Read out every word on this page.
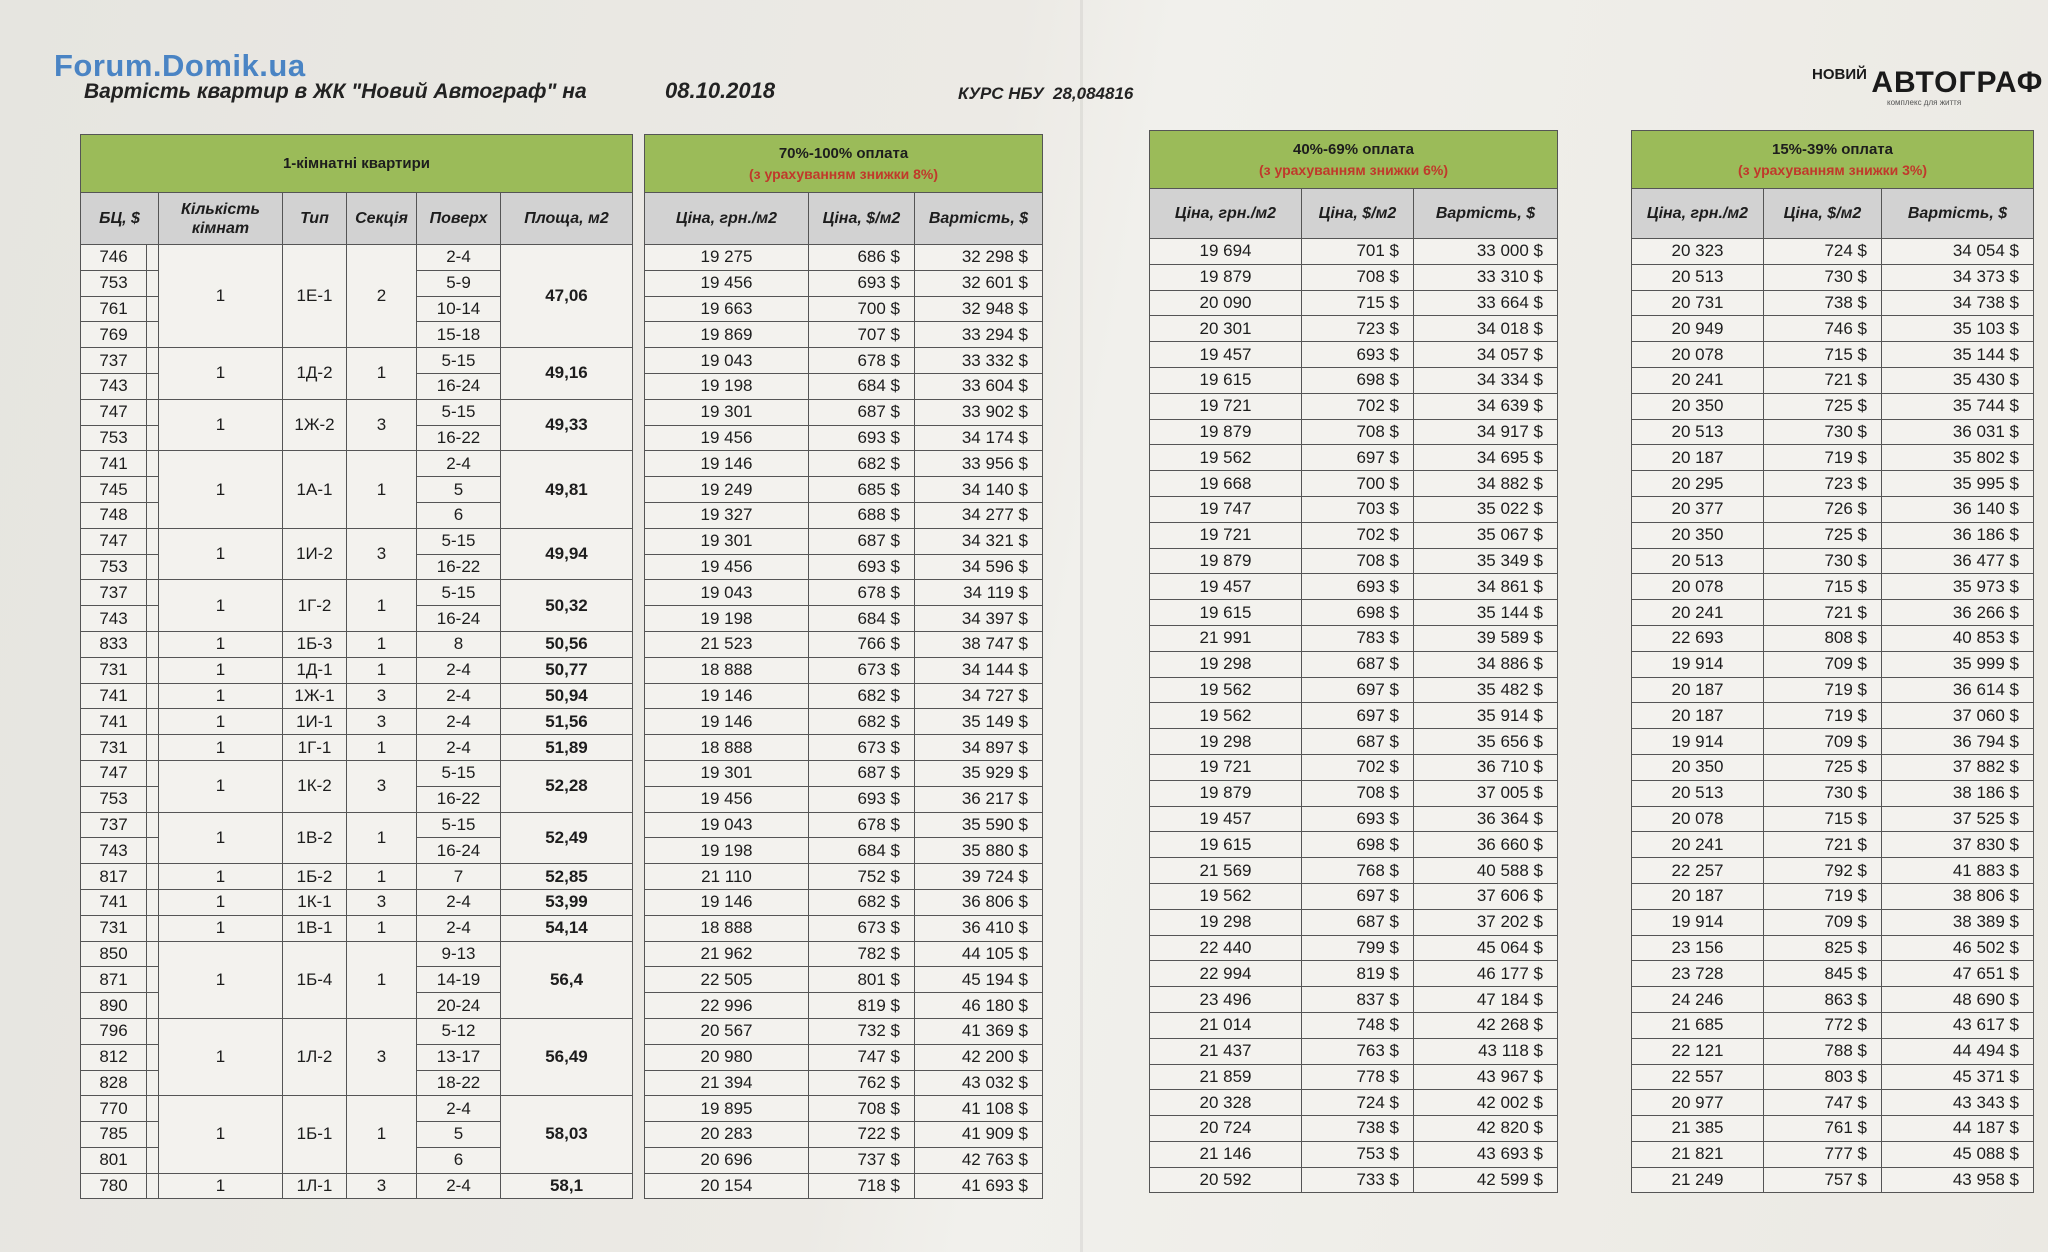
Forum.Domik.ua
Вартість квартир в ЖК "Новий Автограф" на	08.10.2018	КУРС НБУ 28,084816
НОВИЙ АВТОГРАФ
комплекс для життя
1-кімнатні квартири						
БЦ, $		Кількість кімнат	Тип	Секція	Поверх	Площа, м2
746		1	1Е-1	2	2-4	47,06
753					5-9	
761					10-14	
769					15-18	
737		1	1Д-2	1	5-15	49,16
743					16-24	
747		1	1Ж-2	3	5-15	49,33
753					16-22	
741		1	1А-1	1	2-4	49,81
745					5	
748					6	
747		1	1И-2	3	5-15	49,94
753					16-22	
737		1	1Г-2	1	5-15	50,32
743					16-24	
833		1	1Б-3	1	8	50,56
731		1	1Д-1	1	2-4	50,77
741		1	1Ж-1	3	2-4	50,94
741		1	1И-1	3	2-4	51,56
731		1	1Г-1	1	2-4	51,89
747		1	1К-2	3	5-15	52,28
753					16-22	
737		1	1В-2	1	5-15	52,49
743					16-24	
817		1	1Б-2	1	7	52,85
741		1	1К-1	3	2-4	53,99
731		1	1В-1	1	2-4	54,14
850		1	1Б-4	1	9-13	56,4
871					14-19	
890					20-24	
796		1	1Л-2	3	5-12	56,49
812					13-17	
828					18-22	
770		1	1Б-1	1	2-4	58,03
785					5	
801					6	
780		1	1Л-1	3	2-4	58,1
70%-100% оплата
(з урахуванням знижки 8%)		

Ціна, грн./м2	Ціна, $/м2	Вартість, $
19 275	686 $	32 298 $
19 456	693 $	32 601 $
19 663	700 $	32 948 $
19 869	707 $	33 294 $
19 043	678 $	33 332 $
19 198	684 $	33 604 $
19 301	687 $	33 902 $
19 456	693 $	34 174 $
19 146	682 $	33 956 $
19 249	685 $	34 140 $
19 327	688 $	34 277 $
19 301	687 $	34 321 $
19 456	693 $	34 596 $
19 043	678 $	34 119 $
19 198	684 $	34 397 $
21 523	766 $	38 747 $
18 888	673 $	34 144 $
19 146	682 $	34 727 $
19 146	682 $	35 149 $
18 888	673 $	34 897 $
19 301	687 $	35 929 $
19 456	693 $	36 217 $
19 043	678 $	35 590 $
19 198	684 $	35 880 $
21 110	752 $	39 724 $
19 146	682 $	36 806 $
18 888	673 $	36 410 $
21 962	782 $	44 105 $
22 505	801 $	45 194 $
22 996	819 $	46 180 $
20 567	732 $	41 369 $
20 980	747 $	42 200 $
21 394	762 $	43 032 $
19 895	708 $	41 108 $
20 283	722 $	41 909 $
20 696	737 $	42 763 $
20 154	718 $	41 693 $
40%-69% оплата
(з урахуванням знижки 6%)		

Ціна, грн./м2	Ціна, $/м2	Вартість, $
19 694	701 $	33 000 $
19 879	708 $	33 310 $
20 090	715 $	33 664 $
20 301	723 $	34 018 $
19 457	693 $	34 057 $
19 615	698 $	34 334 $
19 721	702 $	34 639 $
19 879	708 $	34 917 $
19 562	697 $	34 695 $
19 668	700 $	34 882 $
19 747	703 $	35 022 $
19 721	702 $	35 067 $
19 879	708 $	35 349 $
19 457	693 $	34 861 $
19 615	698 $	35 144 $
21 991	783 $	39 589 $
19 298	687 $	34 886 $
19 562	697 $	35 482 $
19 562	697 $	35 914 $
19 298	687 $	35 656 $
19 721	702 $	36 710 $
19 879	708 $	37 005 $
19 457	693 $	36 364 $
19 615	698 $	36 660 $
21 569	768 $	40 588 $
19 562	697 $	37 606 $
19 298	687 $	37 202 $
22 440	799 $	45 064 $
22 994	819 $	46 177 $
23 496	837 $	47 184 $
21 014	748 $	42 268 $
21 437	763 $	43 118 $
21 859	778 $	43 967 $
20 328	724 $	42 002 $
20 724	738 $	42 820 $
21 146	753 $	43 693 $
20 592	733 $	42 599 $
15%-39% оплата
(з урахуванням знижки 3%)		

Ціна, грн./м2	Ціна, $/м2	Вартість, $
20 323	724 $	34 054 $
20 513	730 $	34 373 $
20 731	738 $	34 738 $
20 949	746 $	35 103 $
20 078	715 $	35 144 $
20 241	721 $	35 430 $
20 350	725 $	35 744 $
20 513	730 $	36 031 $
20 187	719 $	35 802 $
20 295	723 $	35 995 $
20 377	726 $	36 140 $
20 350	725 $	36 186 $
20 513	730 $	36 477 $
20 078	715 $	35 973 $
20 241	721 $	36 266 $
22 693	808 $	40 853 $
19 914	709 $	35 999 $
20 187	719 $	36 614 $
20 187	719 $	37 060 $
19 914	709 $	36 794 $
20 350	725 $	37 882 $
20 513	730 $	38 186 $
20 078	715 $	37 525 $
20 241	721 $	37 830 $
22 257	792 $	41 883 $
20 187	719 $	38 806 $
19 914	709 $	38 389 $
23 156	825 $	46 502 $
23 728	845 $	47 651 $
24 246	863 $	48 690 $
21 685	772 $	43 617 $
22 121	788 $	44 494 $
22 557	803 $	45 371 $
20 977	747 $	43 343 $
21 385	761 $	44 187 $
21 821	777 $	45 088 $
21 249	757 $	43 958 $
